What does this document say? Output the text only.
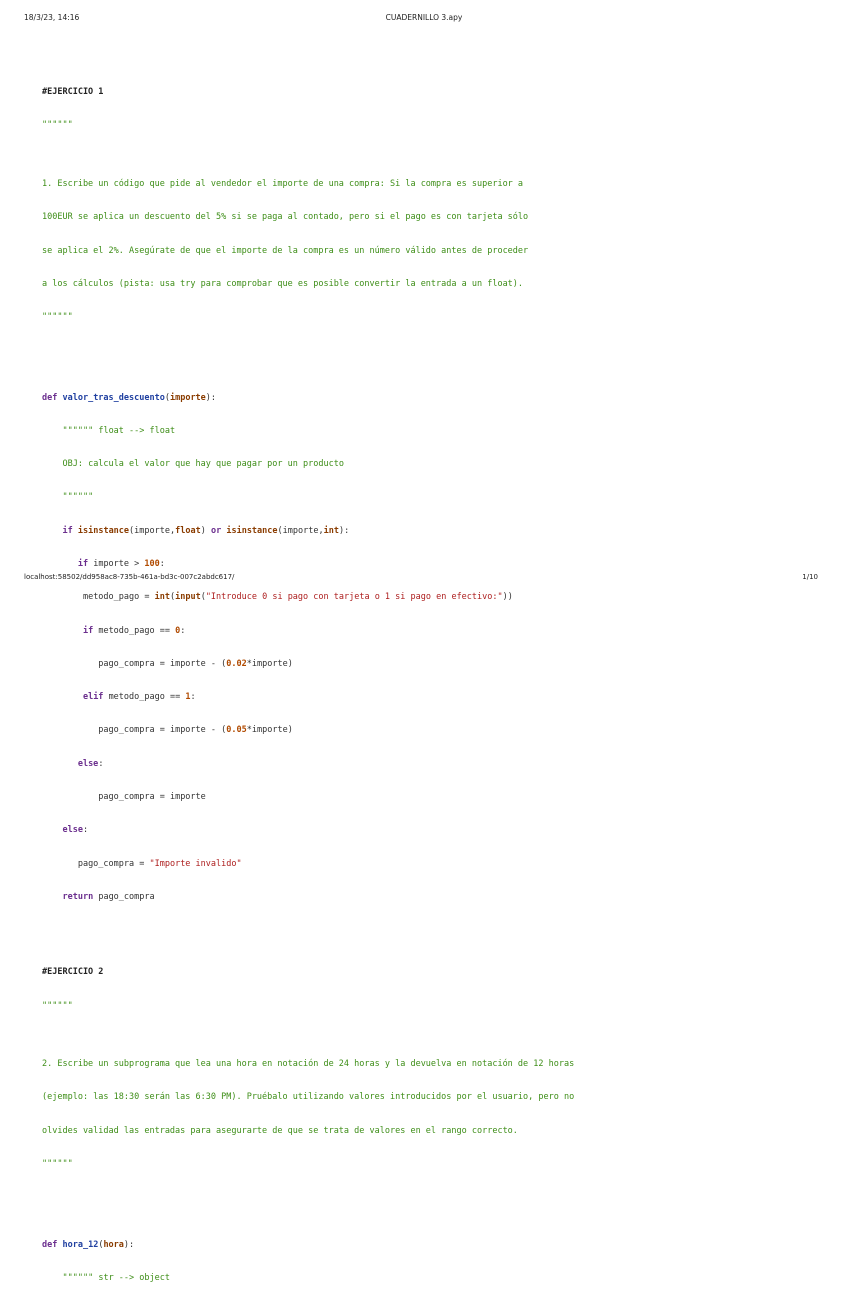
18/3/23, 14:16	CUADERNILLO 3.apy

#EJERCICIO 1

""""""

1. Escribe un código que pide al vendedor el importe de una compra: Si la compra es superior a

100EUR se aplica un descuento del 5% si se paga al contado, pero si el pago es con tarjeta sólo

se aplica el 2%. Asegúrate de que el importe de la compra es un número válido antes de proceder

a los cálculos (pista: usa try para comprobar que es posible convertir la entrada a un float).

""""""

def valor_tras_descuento(importe):

"""""" float --> float

OBJ: calcula el valor que hay que pagar por un producto

""""""

if isinstance(importe,float) or isinstance(importe,int):

if importe > 100:

metodo_pago = int(input("Introduce 0 si pago con tarjeta o 1 si pago en efectivo:"))

if metodo_pago == 0:

pago_compra = importe - (0.02*importe)

elif metodo_pago == 1:

pago_compra = importe - (0.05*importe)

else:

pago_compra = importe

else:

pago_compra = "Importe invalido"

return pago_compra

#EJERCICIO 2

""""""

2. Escribe un subprograma que lea una hora en notación de 24 horas y la devuelva en notación de 12 horas

(ejemplo: las 18:30 serán las 6:30 PM). Pruébalo utilizando valores introducidos por el usuario, pero no

olvides validad las entradas para asegurarte de que se trata de valores en el rango correcto.

""""""

def hora_12(hora):

"""""" str --> object

localhost:58502/dd958ac8-735b-461a-bd3c-007c2abdc617/	1/10
